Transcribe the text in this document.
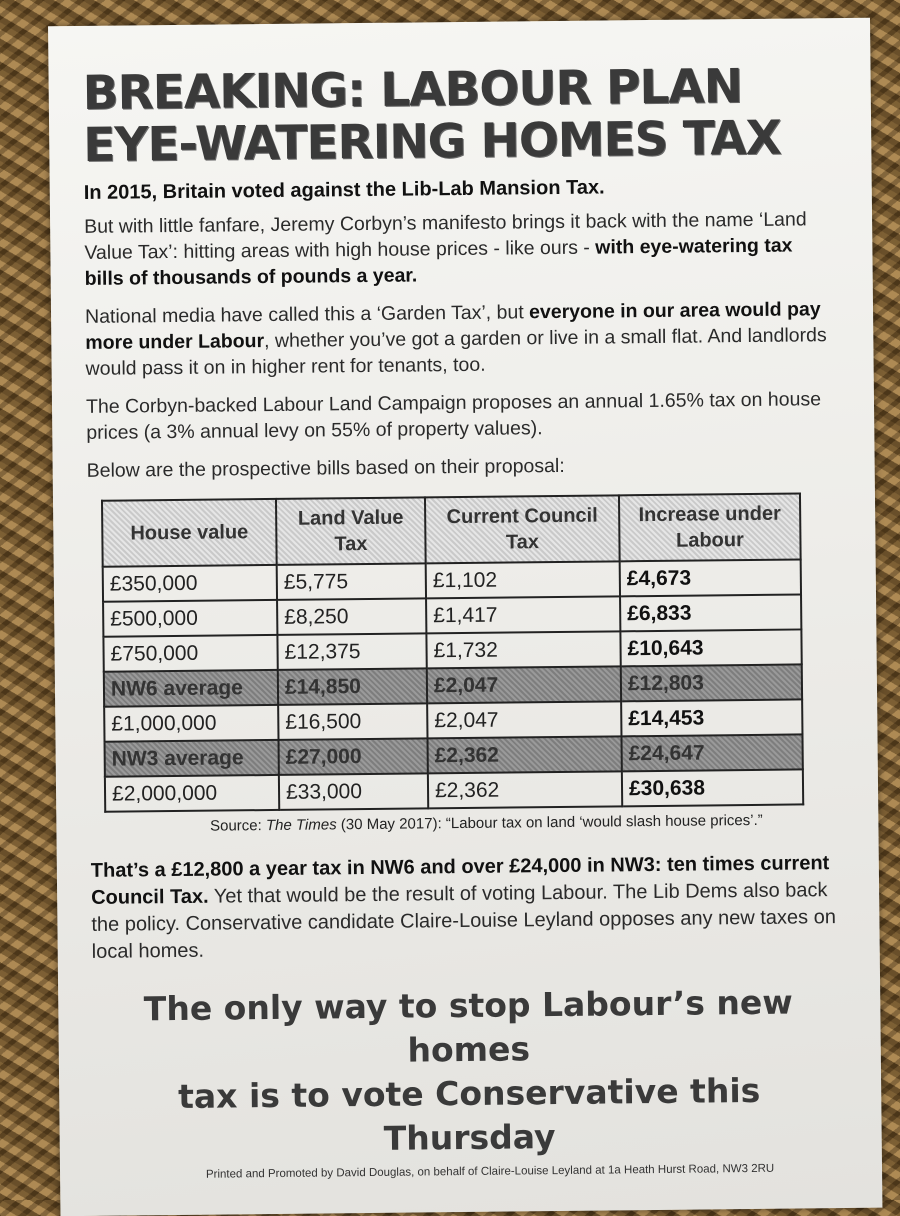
BREAKING: LABOUR PLAN
EYE-WATERING HOMES TAX

In 2015, Britain voted against the Lib-Lab Mansion Tax.

But with little fanfare, Jeremy Corbyn’s manifesto brings it back with the name ‘Land Value Tax’: hitting areas with high house prices - like ours - with eye-watering tax bills of thousands of pounds a year.

National media have called this a ‘Garden Tax’, but everyone in our area would pay more under Labour, whether you’ve got a garden or live in a small flat. And landlords would pass it on in higher rent for tenants, too.

The Corbyn-backed Labour Land Campaign proposes an annual 1.65% tax on house prices (a 3% annual levy on 55% of property values).

Below are the prospective bills based on their proposal:

House value	Land Value Tax	Current Council Tax	Increase under Labour
£350,000	£5,775	£1,102	£4,673
£500,000	£8,250	£1,417	£6,833
£750,000	£12,375	£1,732	£10,643
NW6 average	£14,850	£2,047	£12,803
£1,000,000	£16,500	£2,047	£14,453
NW3 average	£27,000	£2,362	£24,647
£2,000,000	£33,000	£2,362	£30,638
Source: The Times (30 May 2017): “Labour tax on land ‘would slash house prices’.”

That’s a £12,800 a year tax in NW6 and over £24,000 in NW3: ten times current Council Tax. Yet that would be the result of voting Labour. The Lib Dems also back the policy. Conservative candidate Claire-Louise Leyland opposes any new taxes on local homes.

The only way to stop Labour’s new homes
tax is to vote Conservative this Thursday
Printed and Promoted by David Douglas, on behalf of Claire-Louise Leyland at 1a Heath Hurst Road, NW3 2RU
